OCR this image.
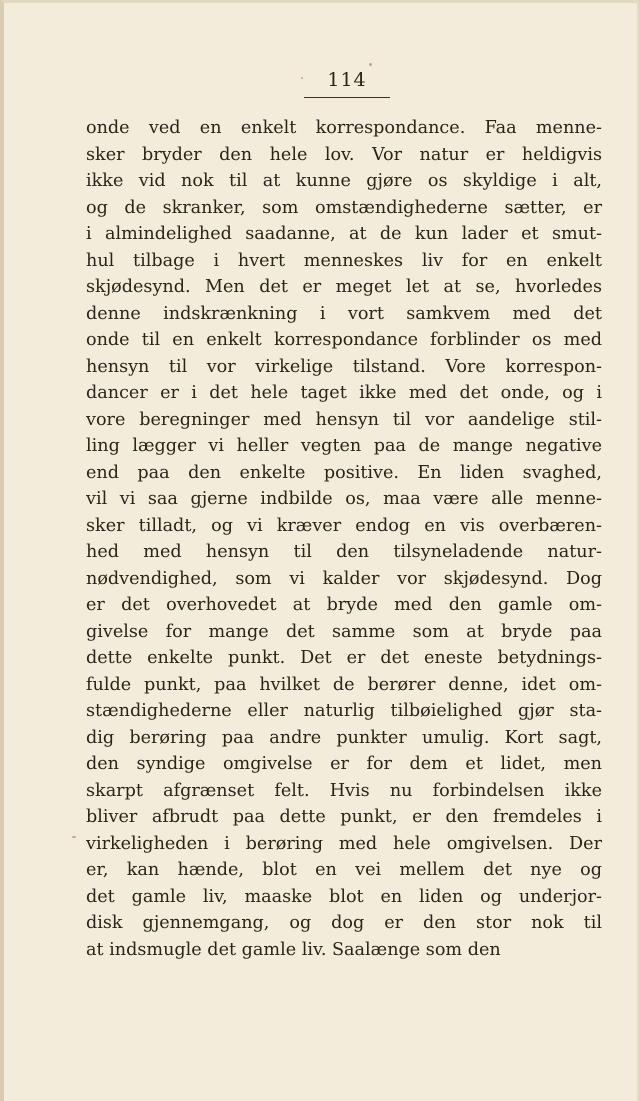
114
onde ved en enkelt korrespondance. Faa menne-
sker bryder den hele lov. Vor natur er heldigvis
ikke vid nok til at kunne gjøre os skyldige i alt,
og de skranker, som omstændighederne sætter, er
i almindelighed saadanne, at de kun lader et smut-
hul tilbage i hvert menneskes liv for en enkelt
skjødesynd. Men det er meget let at se, hvorledes
denne indskrænkning i vort samkvem med det
onde til en enkelt korrespondance forblinder os med
hensyn til vor virkelige tilstand. Vore korrespon-
dancer er i det hele taget ikke med det onde, og i
vore beregninger med hensyn til vor aandelige stil-
ling lægger vi heller vegten paa de mange negative
end paa den enkelte positive. En liden svaghed,
vil vi saa gjerne indbilde os, maa være alle menne-
sker tilladt, og vi kræver endog en vis overbæren-
hed med hensyn til den tilsyneladende natur-
nødvendighed, som vi kalder vor skjødesynd. Dog
er det overhovedet at bryde med den gamle om-
givelse for mange det samme som at bryde paa
dette enkelte punkt. Det er det eneste betydnings-
fulde punkt, paa hvilket de berører denne, idet om-
stændighederne eller naturlig tilbøielighed gjør sta-
dig berøring paa andre punkter umulig. Kort sagt,
den syndige omgivelse er for dem et lidet, men
skarpt afgrænset felt. Hvis nu forbindelsen ikke
bliver afbrudt paa dette punkt, er den fremdeles i
virkeligheden i berøring med hele omgivelsen. Der
er, kan hænde, blot en vei mellem det nye og
det gamle liv, maaske blot en liden og underjor-
disk gjennemgang, og dog er den stor nok til
at indsmugle det gamle liv. Saalænge som den
